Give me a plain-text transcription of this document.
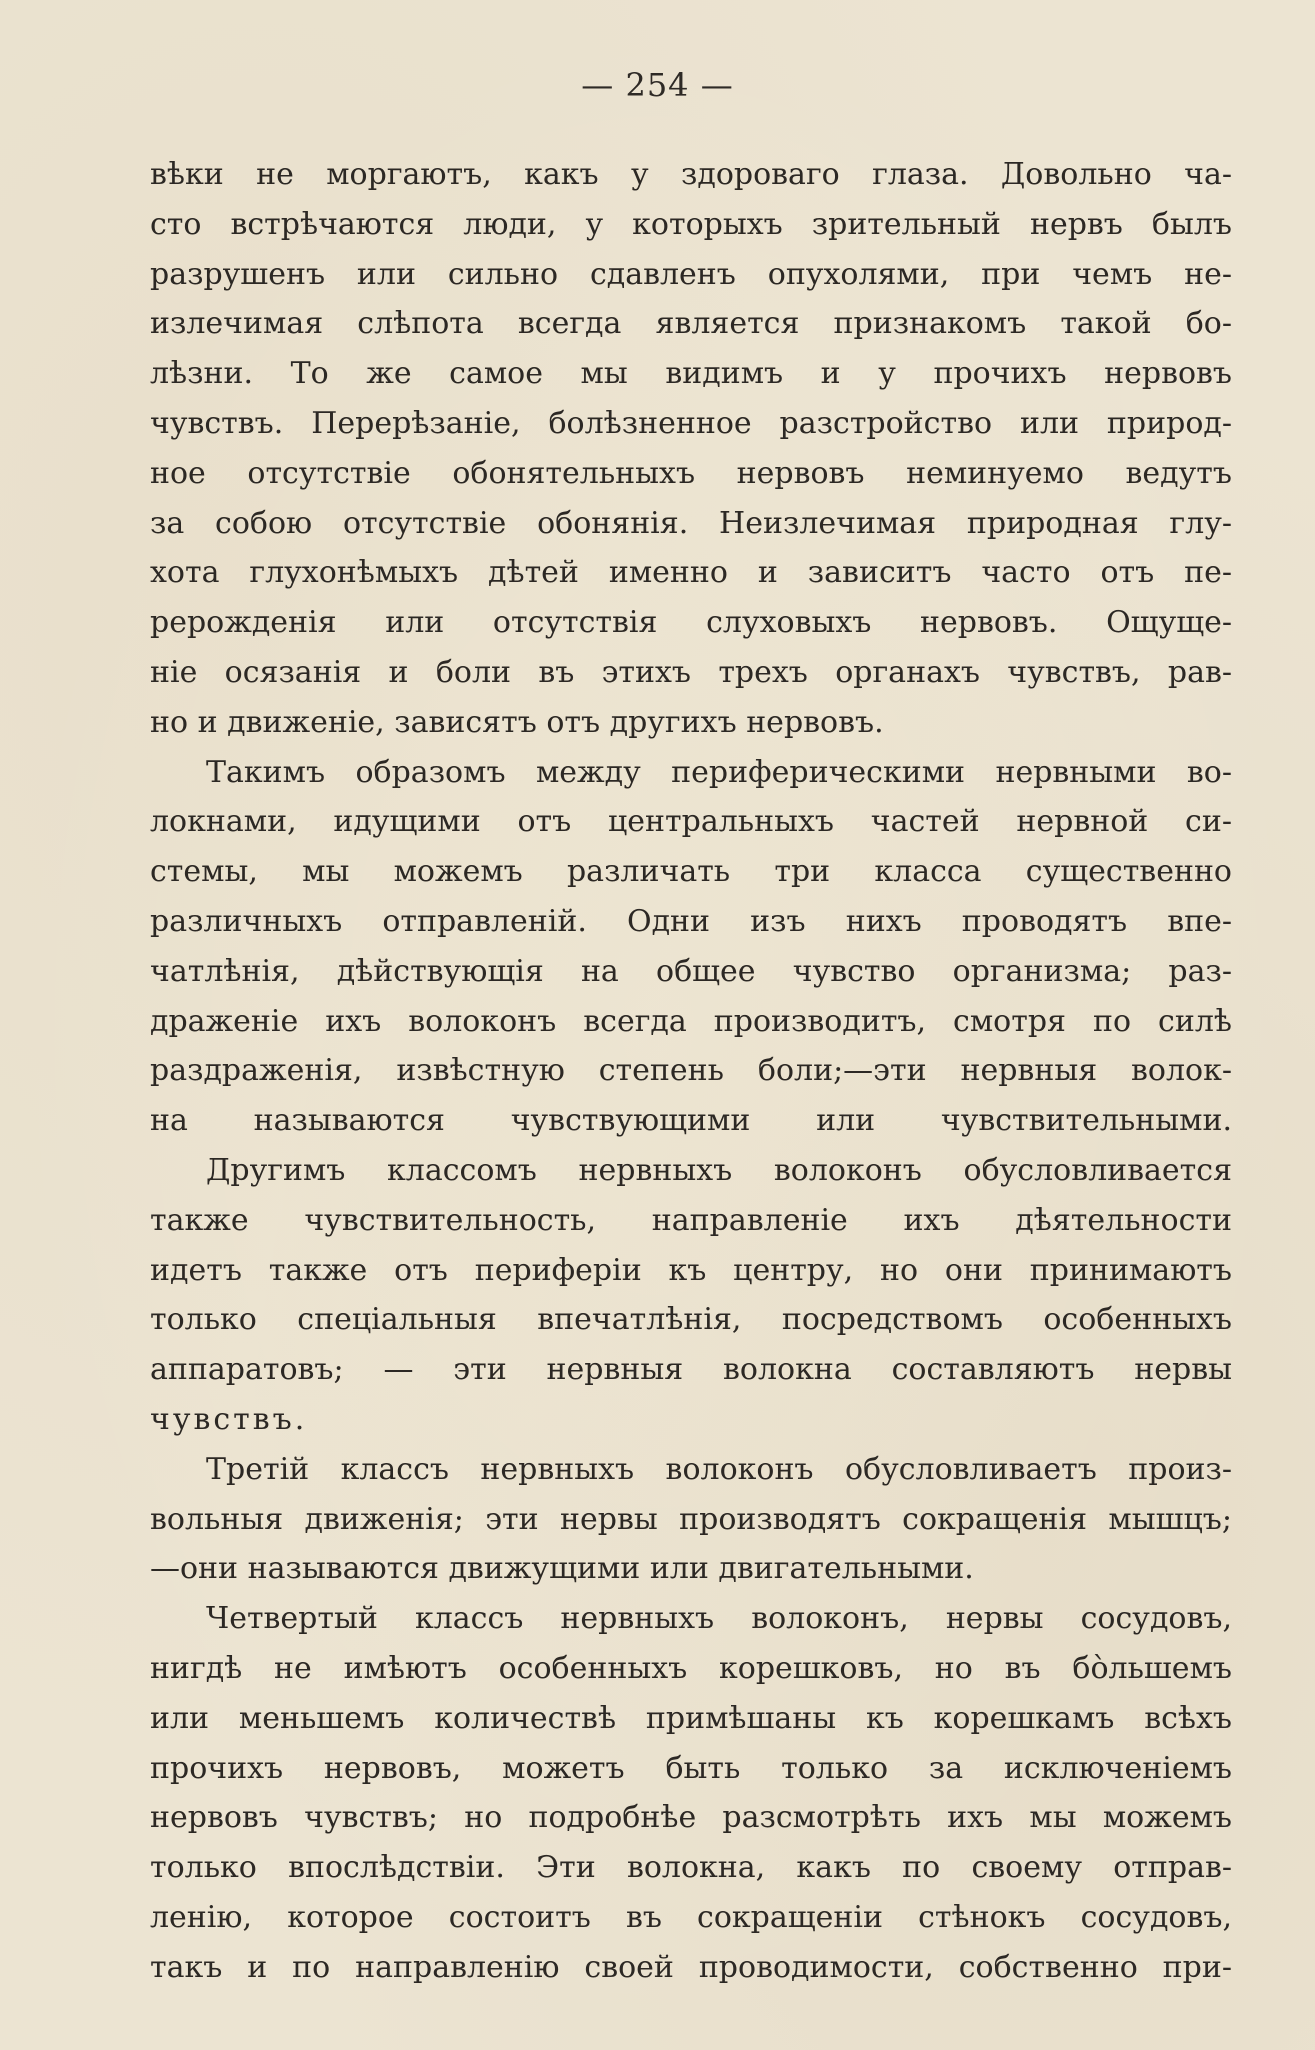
— 254 —
вѣки не моргаютъ, какъ у здороваго глаза. Довольно ча-
сто встрѣчаются люди, у которыхъ зрительный нервъ былъ
разрушенъ или сильно сдавленъ опухолями, при чемъ не-
излечимая слѣпота всегда является признакомъ такой бо-
лѣзни. То же самое мы видимъ и у прочихъ нервовъ
чувствъ. Перерѣзаніе, болѣзненное разстройство или природ-
ное отсутствіе обонятельныхъ нервовъ неминуемо ведутъ
за собою отсутствіе обонянія. Неизлечимая природная глу-
хота глухонѣмыхъ дѣтей именно и зависитъ часто отъ пе-
рерожденія или отсутствія слуховыхъ нервовъ. Ощуще-
ніе осязанія и боли въ этихъ трехъ органахъ чувствъ, рав-
но и движеніе, зависятъ отъ другихъ нервовъ.
Такимъ образомъ между периферическими нервными во-
локнами, идущими отъ центральныхъ частей нервной си-
стемы, мы можемъ различать три класса существенно
различныхъ отправленій. Одни изъ нихъ проводятъ впе-
чатлѣнія, дѣйствующія на общее чувство организма; раз-
драженіе ихъ волоконъ всегда производитъ, смотря по силѣ
раздраженія, извѣстную степень боли;—эти нервныя волок-
на называются чувствующими или чувствительными.
Другимъ классомъ нервныхъ волоконъ обусловливается
также чувствительность, направленіе ихъ дѣятельности
идетъ также отъ периферіи къ центру, но они принимаютъ
только спеціальныя впечатлѣнія, посредствомъ особенныхъ
аппаратовъ; — эти нервныя волокна составляютъ нервы
чувствъ.
Третій классъ нервныхъ волоконъ обусловливаетъ произ-
вольныя движенія; эти нервы производятъ сокращенія мышцъ;
—они называются движущими или двигательными.
Четвертый классъ нервныхъ волоконъ, нервы сосудовъ,
нигдѣ не имѣютъ особенныхъ корешковъ, но въ бо̀льшемъ
или меньшемъ количествѣ примѣшаны къ корешкамъ всѣхъ
прочихъ нервовъ, можетъ быть только за исключеніемъ
нервовъ чувствъ; но подробнѣе разсмотрѣть ихъ мы можемъ
только впослѣдствіи. Эти волокна, какъ по своему отправ-
ленію, которое состоитъ въ сокращеніи стѣнокъ сосудовъ,
такъ и по направленію своей проводимости, собственно при-
